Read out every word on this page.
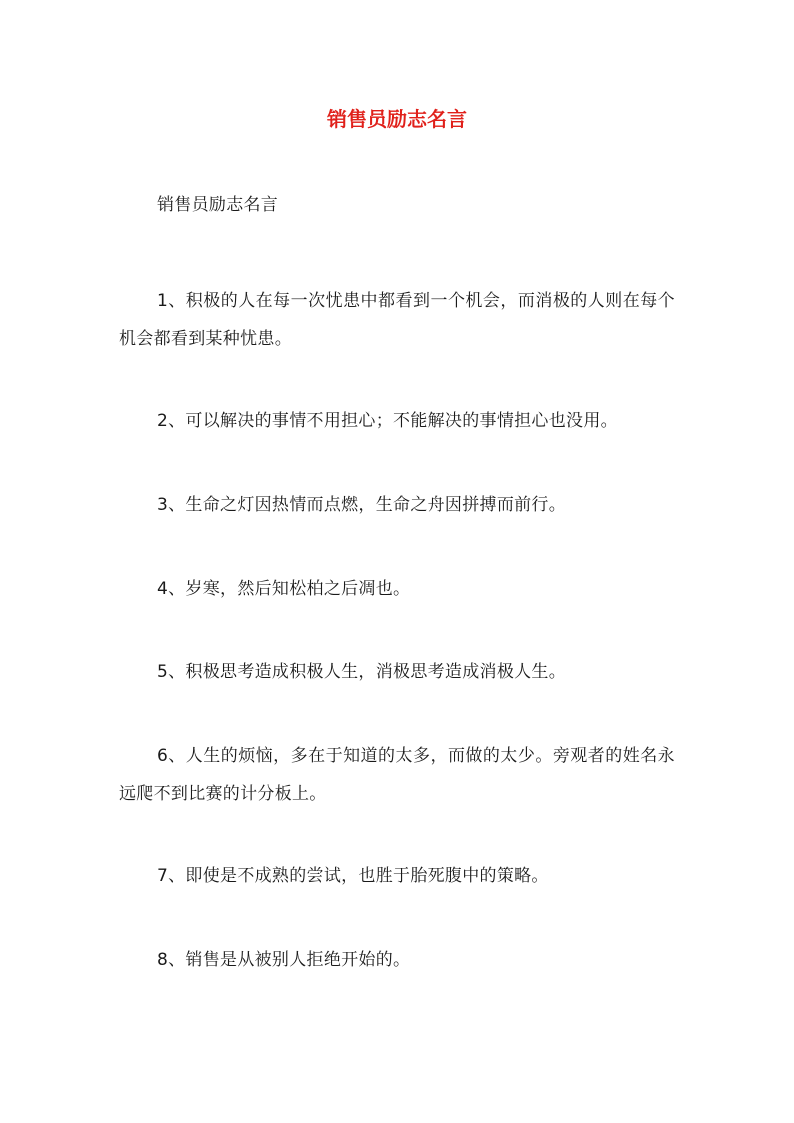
销售员励志名言

销售员励志名言

1、积极的人在每一次忧患中都看到一个机会，而消极的人则在每个机会都看到某种忧患。

2、可以解决的事情不用担心；不能解决的事情担心也没用。

3、生命之灯因热情而点燃，生命之舟因拼搏而前行。

4、岁寒，然后知松柏之后凋也。

5、积极思考造成积极人生，消极思考造成消极人生。

6、人生的烦恼，多在于知道的太多，而做的太少。旁观者的姓名永远爬不到比赛的计分板上。

7、即使是不成熟的尝试，也胜于胎死腹中的策略。

8、销售是从被别人拒绝开始的。
